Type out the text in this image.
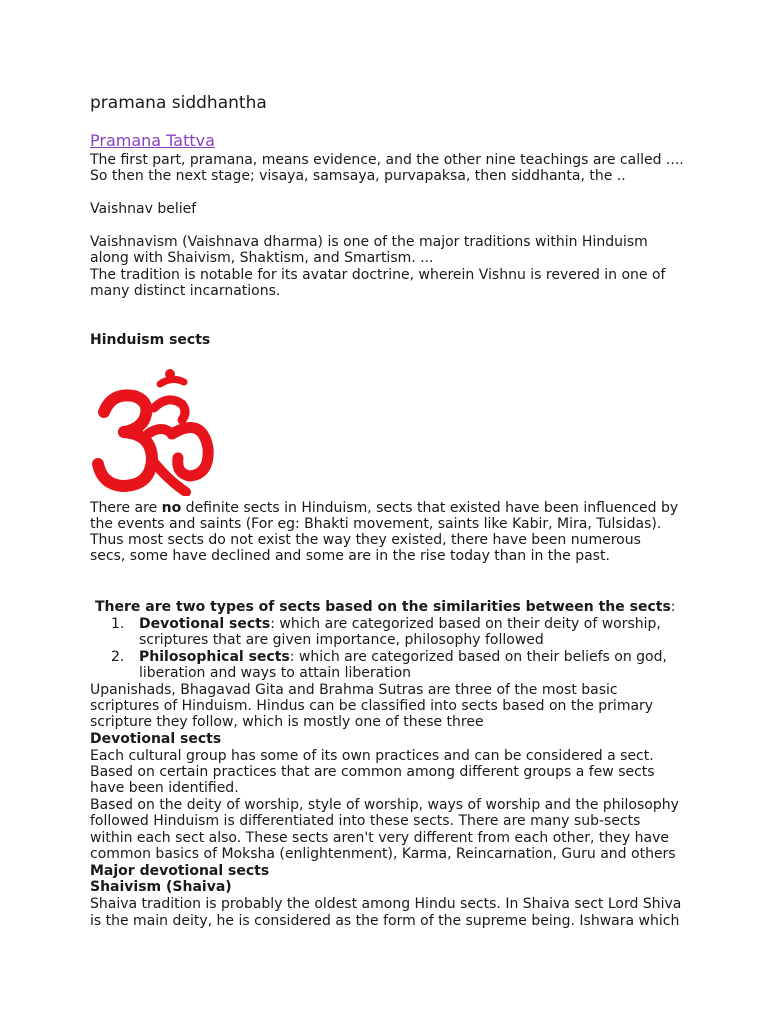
pramana siddhantha
Pramana Tattva
The first part, pramana, means evidence, and the other nine teachings are called ....
So then the next stage; visaya, samsaya, purvapaksa, then siddhanta, the ..
Vaishnav belief
Vaishnavism (Vaishnava dharma) is one of the major traditions within Hinduism
along with Shaivism, Shaktism, and Smartism. ...
The tradition is notable for its avatar doctrine, wherein Vishnu is revered in one of
many distinct incarnations.
Hinduism sects
There are no definite sects in Hinduism, sects that existed have been influenced by
the events and saints (For eg: Bhakti movement, saints like Kabir, Mira, Tulsidas).
Thus most sects do not exist the way they existed, there have been numerous
secs, some have declined and some are in the rise today than in the past.
There are two types of sects based on the similarities between the sects:
1. Devotional sects: which are categorized based on their deity of worship,
scriptures that are given importance, philosophy followed
2. Philosophical sects: which are categorized based on their beliefs on god,
liberation and ways to attain liberation
Upanishads, Bhagavad Gita and Brahma Sutras are three of the most basic
scriptures of Hinduism. Hindus can be classified into sects based on the primary
scripture they follow, which is mostly one of these three
Devotional sects
Each cultural group has some of its own practices and can be considered a sect.
Based on certain practices that are common among different groups a few sects
have been identified.
Based on the deity of worship, style of worship, ways of worship and the philosophy
followed Hinduism is differentiated into these sects. There are many sub-sects
within each sect also. These sects aren't very different from each other, they have
common basics of Moksha (enlightenment), Karma, Reincarnation, Guru and others
Major devotional sects
Shaivism (Shaiva)
Shaiva tradition is probably the oldest among Hindu sects. In Shaiva sect Lord Shiva
is the main deity, he is considered as the form of the supreme being. Ishwara which
